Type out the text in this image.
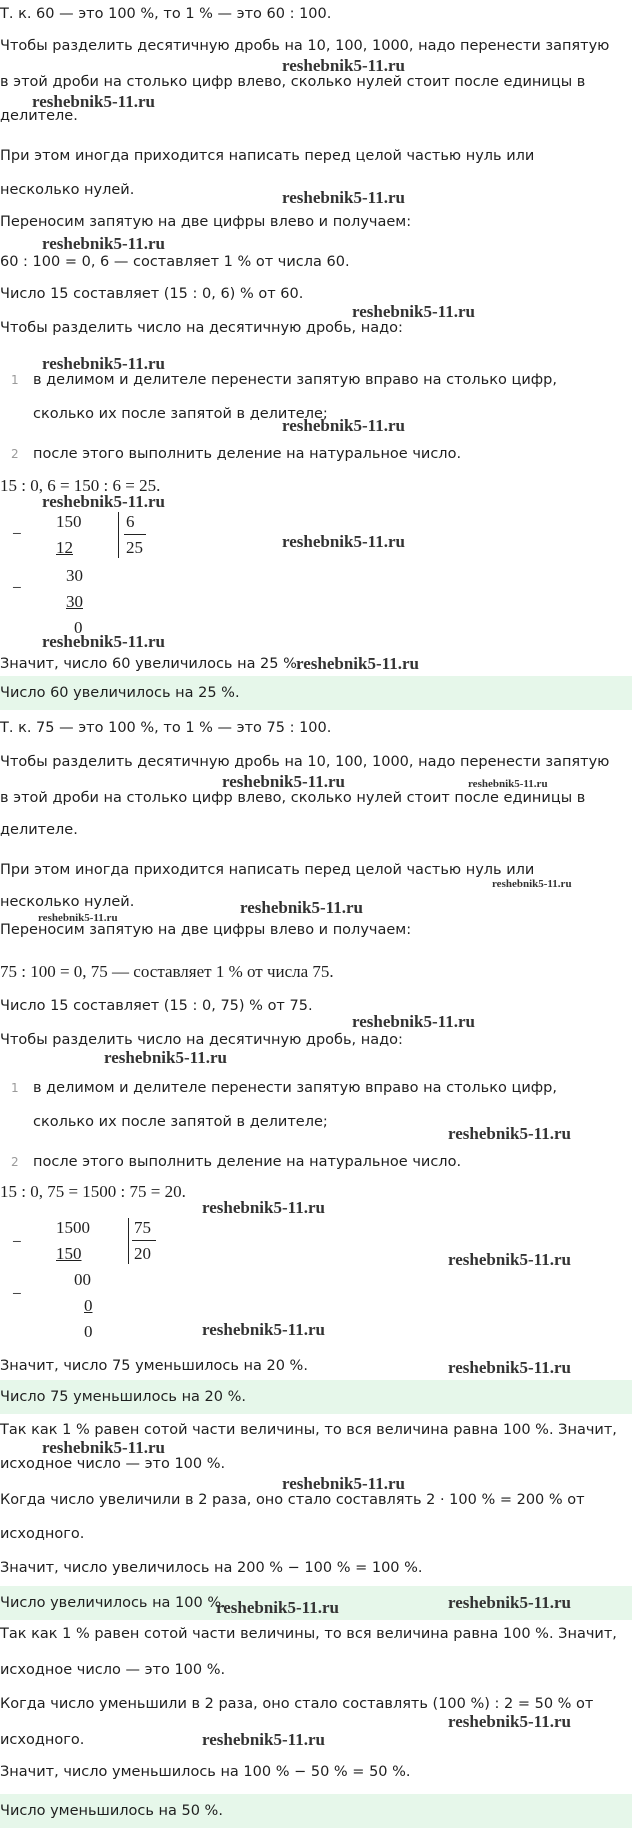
Т. к. 60 — это 100 %, то 1 % — это 60 : 100.
Чтобы разделить десятичную дробь на 10, 100, 1000, надо перенести запятую
reshebnik5-11.ru
в этой дроби на столько цифр влево, сколько нулей стоит после единицы в
reshebnik5-11.ru
делителе.
При этом иногда приходится написать перед целой частью нуль или
несколько нулей.	reshebnik5-11.ru
Переносим запятую на две цифры влево и получаем:
reshebnik5-11.ru
60 : 100 = 0, 6 — составляет 1 % от числа 60.
Число 15 составляет (15 : 0, 6) % от 60.
reshebnik5-11.ru
Чтобы разделить число на десятичную дробь, надо:
reshebnik5-11.ru
1 в делимом и делителе перенести запятую вправо на столько цифр,
сколько их после запятой в делителе;
reshebnik5-11.ru
2 после этого выполнить деление на натуральное число.
15 : 0, 6 = 150 : 6 = 25.
reshebnik5-11.ru
−
150
12
6
25
30
−
30
0
reshebnik5-11.ru
reshebnik5-11.ru
Значит, число 60 увеличилось на 25 %.
reshebnik5-11.ru
Число 60 увеличилось на 25 %.
Т. к. 75 — это 100 %, то 1 % — это 75 : 100.
Чтобы разделить десятичную дробь на 10, 100, 1000, надо перенести запятую
reshebnik5-11.ru	reshebnik5-11.ru
в этой дроби на столько цифр влево, сколько нулей стоит после единицы в
делителе.
При этом иногда приходится написать перед целой частью нуль или
reshebnik5-11.ru
несколько нулей.	reshebnik5-11.ru
reshebnik5-11.ru
Переносим запятую на две цифры влево и получаем:
75 : 100 = 0, 75 — составляет 1 % от числа 75.
Число 15 составляет (15 : 0, 75) % от 75.
reshebnik5-11.ru
Чтобы разделить число на десятичную дробь, надо:
reshebnik5-11.ru
1 в делимом и делителе перенести запятую вправо на столько цифр,
сколько их после запятой в делителе;
reshebnik5-11.ru
2 после этого выполнить деление на натуральное число.
15 : 0, 75 = 1500 : 75 = 20.
reshebnik5-11.ru
−
1500
150
75
20
00
−
0
0
reshebnik5-11.ru
reshebnik5-11.ru
Значит, число 75 уменьшилось на 20 %.	reshebnik5-11.ru
Число 75 уменьшилось на 20 %.
Так как 1 % равен сотой части величины, то вся величина равна 100 %. Значит,
reshebnik5-11.ru
исходное число — это 100 %.
reshebnik5-11.ru
Когда число увеличили в 2 раза, оно стало составлять 2 · 100 % = 200 % от
исходного.
Значит, число увеличилось на 200 % − 100 % = 100 %.
Число увеличилось на 100 %.	reshebnik5-11.ru
reshebnik5-11.ru
Так как 1 % равен сотой части величины, то вся величина равна 100 %. Значит,
исходное число — это 100 %.
Когда число уменьшили в 2 раза, оно стало составлять (100 %) : 2 = 50 % от
reshebnik5-11.ru
исходного.	reshebnik5-11.ru
Значит, число уменьшилось на 100 % − 50 % = 50 %.
Число уменьшилось на 50 %.
